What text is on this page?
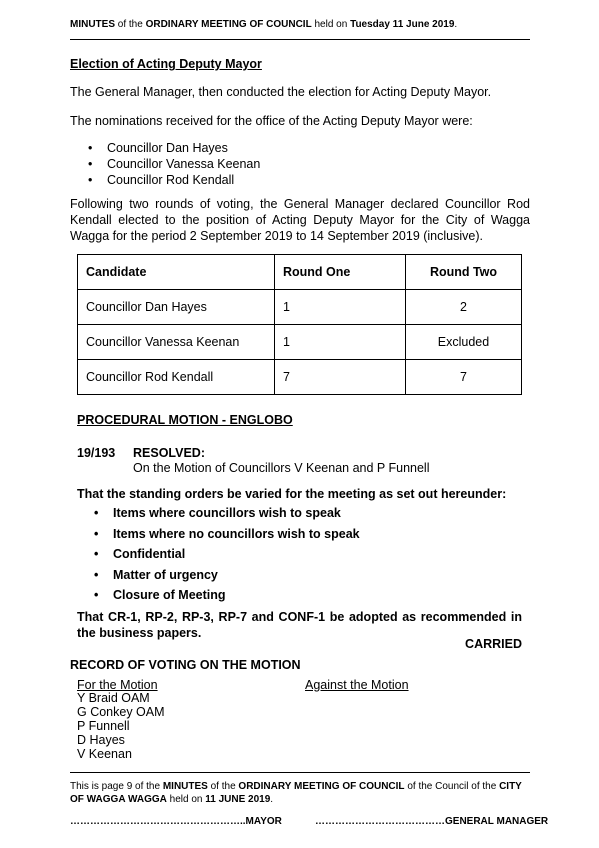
MINUTES of the ORDINARY MEETING OF COUNCIL held on Tuesday 11 June 2019.
Election of Acting Deputy Mayor
The General Manager, then conducted the election for Acting Deputy Mayor.
The nominations received for the office of the Acting Deputy Mayor were:
• Councillor Dan Hayes
• Councillor Vanessa Keenan
• Councillor Rod Kendall
Following two rounds of voting, the General Manager declared Councillor Rod Kendall elected to the position of Acting Deputy Mayor for the City of Wagga Wagga for the period 2 September 2019 to 14 September 2019 (inclusive).
Candidate	Round One	Round Two
Councillor Dan Hayes	1	2
Councillor Vanessa Keenan	1	Excluded
Councillor Rod Kendall	7	7
PROCEDURAL MOTION - ENGLOBO
19/193 RESOLVED:
On the Motion of Councillors V Keenan and P Funnell
That the standing orders be varied for the meeting as set out hereunder:
• Items where councillors wish to speak
• Items where no councillors wish to speak
• Confidential
• Matter of urgency
• Closure of Meeting
That CR-1, RP-2, RP-3, RP-7 and CONF-1 be adopted as recommended in the business papers.
CARRIED
RECORD OF VOTING ON THE MOTION
For the Motion	Against the Motion
Y Braid OAM
G Conkey OAM
P Funnell
D Hayes
V Keenan
This is page 9 of the MINUTES of the ORDINARY MEETING OF COUNCIL of the Council of the CITY OF WAGGA WAGGA held on 11 JUNE 2019.
……………………………………………..MAYOR	…………………………………GENERAL MANAGER
